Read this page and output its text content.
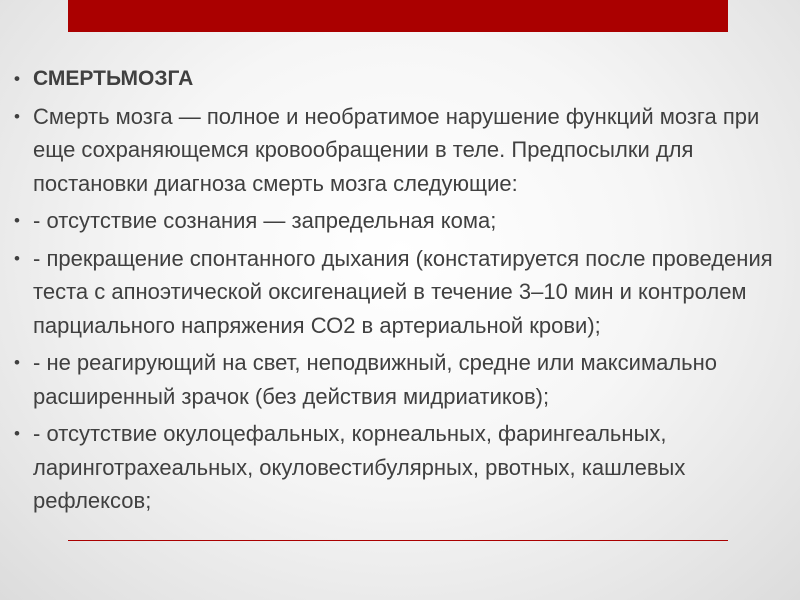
• СМЕРТЬМОЗГА
• Смерть мозга — полное и необратимое нарушение функций мозга при еще сохраняющемся кровообращении в теле. Предпосылки для постановки диагноза смерть мозга следующие:
• - отсутствие сознания — запредельная кома;
• - прекращение спонтанного дыхания (констатируется после проведения теста с апноэтической оксигенацией в течение 3–10 мин и контролем парциального напряжения СО2 в артериальной крови);
• - не реагирующий на свет, неподвижный, средне или максимально расширенный зрачок (без действия мидриатиков);
• - отсутствие окулоцефальных, корнеальных, фарингеальных, ларинготрахеальных, окуловестибулярных, рвотных, кашлевых рефлексов;
